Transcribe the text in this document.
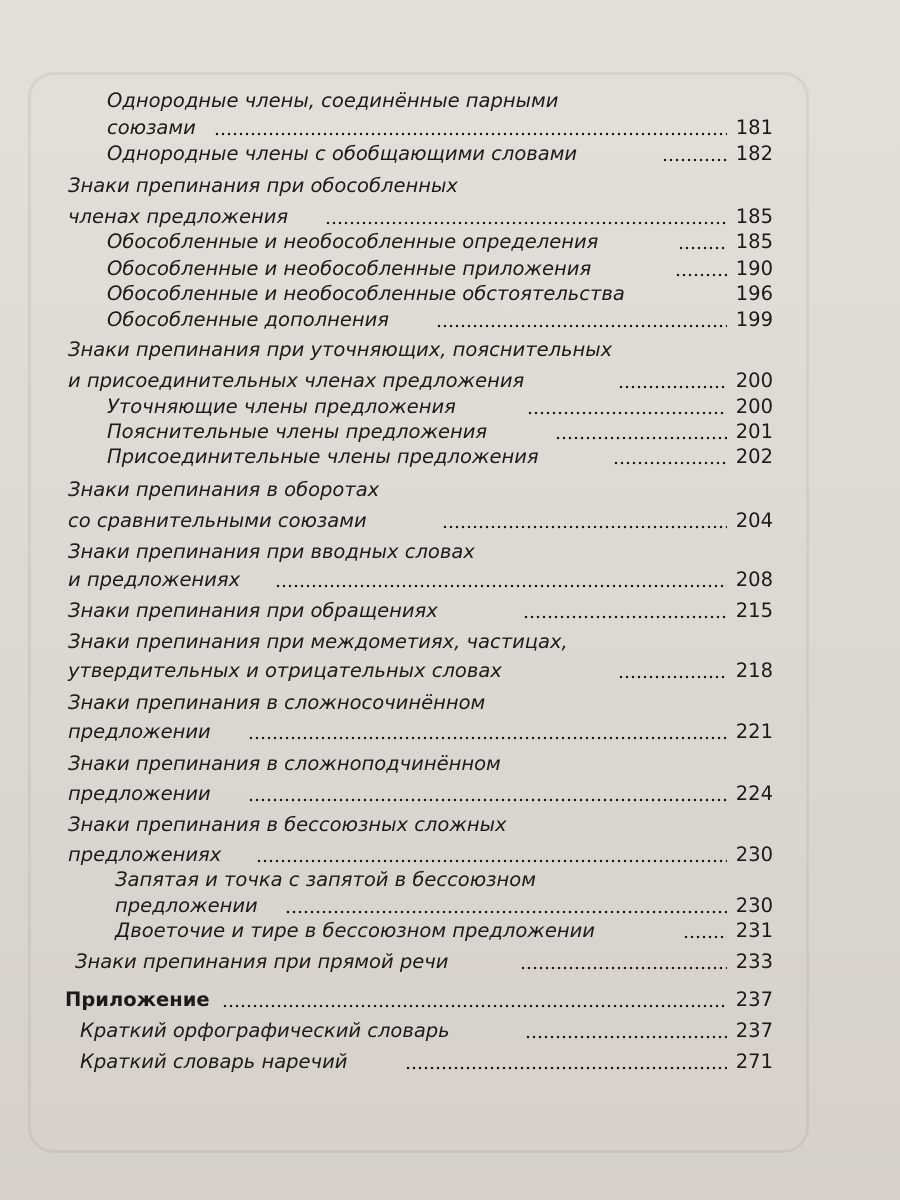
Однородные члены, соединённые парными
союзами	181
Однородные члены с обобщающими словами	182
Знаки препинания при обособленных
членах предложения	185
Обособленные и необособленные определения	185
Обособленные и необособленные приложения	190
Обособленные и необособленные обстоятельства	196
Обособленные дополнения	199
Знаки препинания при уточняющих, пояснительных
и присоединительных членах предложения	200
Уточняющие члены предложения	200
Пояснительные члены предложения	201
Присоединительные члены предложения	202
Знаки препинания в оборотах
со сравнительными союзами	204
Знаки препинания при вводных словах
и предложениях	208
Знаки препинания при обращениях	215
Знаки препинания при междометиях, частицах,
утвердительных и отрицательных словах	218
Знаки препинания в сложносочинённом
предложении	221
Знаки препинания в сложноподчинённом
предложении	224
Знаки препинания в бессоюзных сложных
предложениях	230
Запятая и точка с запятой в бессоюзном
предложении	230
Двоеточие и тире в бессоюзном предложении	231
Знаки препинания при прямой речи	233
Приложение	237
Краткий орфографический словарь	237
Краткий словарь наречий	271
